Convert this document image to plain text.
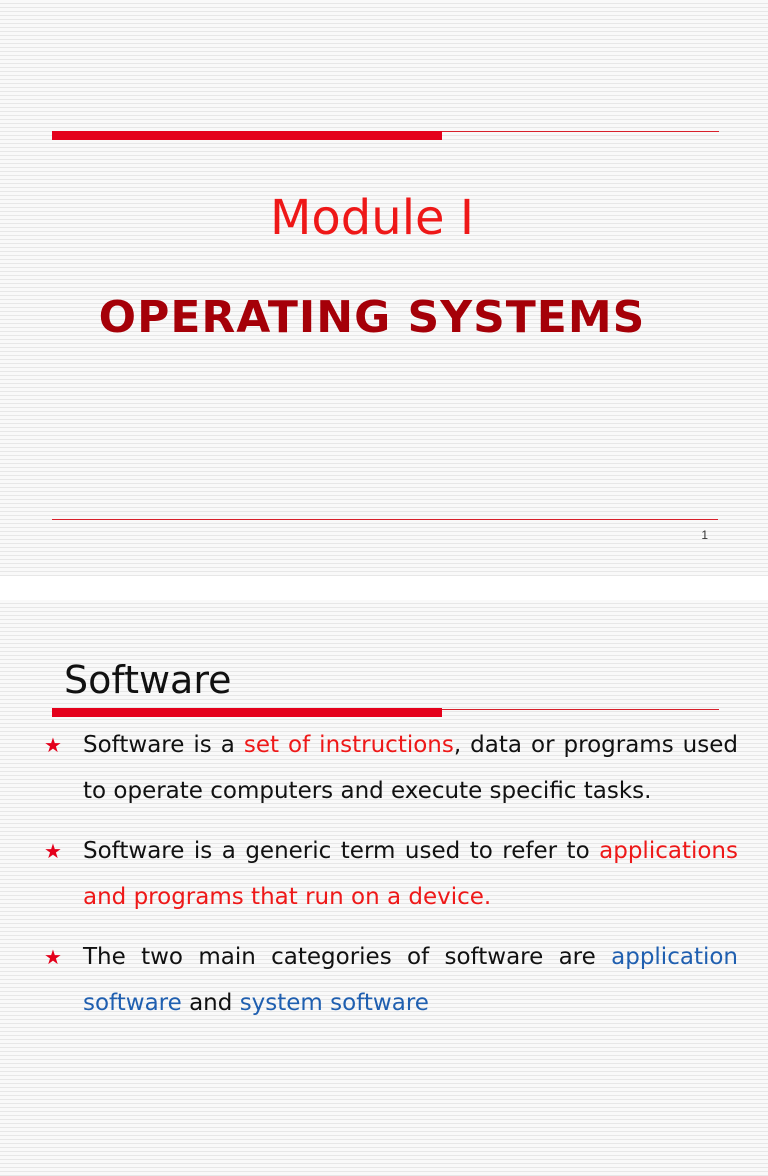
Module I
OPERATING SYSTEMS
1
Software
★ Software is a set of instructions, data or programs used to operate computers and execute specific tasks.
★ Software is a generic term used to refer to applications and programs that run on a device.
★ The two main categories of software are application software and system software
